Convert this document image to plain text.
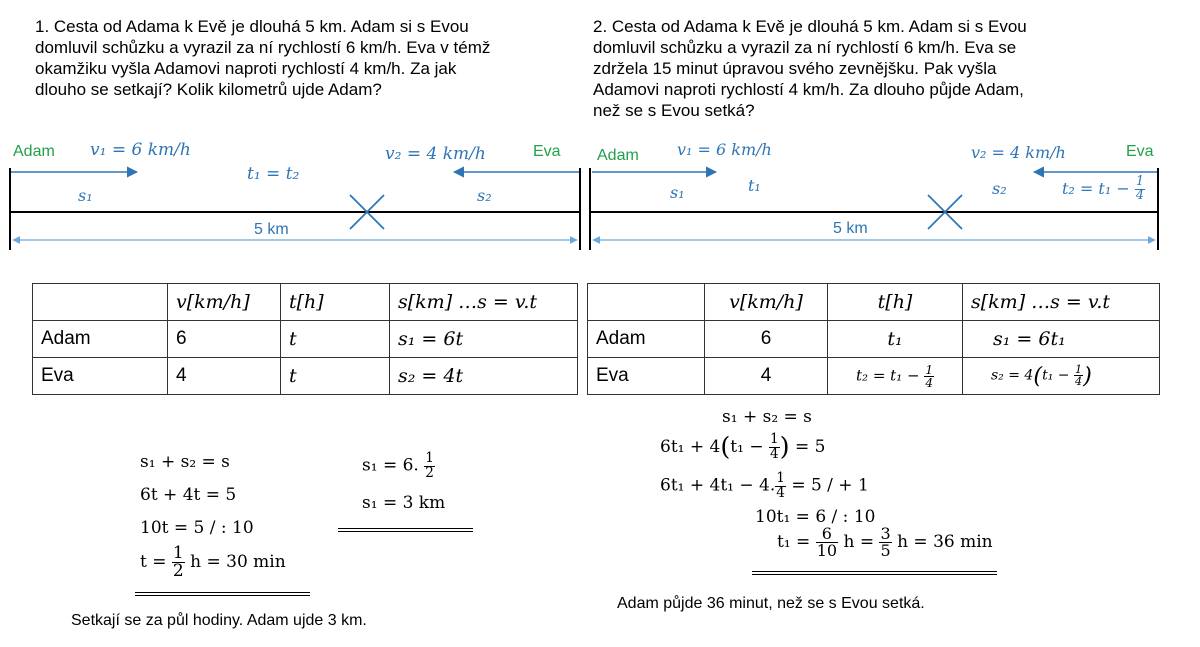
1. Cesta od Adama k Evě je dlouhá 5 km. Adam si s Evou
domluvil schůzku a vyrazil za ní rychlostí 6 km/h. Eva v témž
okamžiku vyšla Adamovi naproti rychlostí 4 km/h. Za jak
dlouho se setkají? Kolik kilometrů ujde Adam?
2. Cesta od Adama k Evě je dlouhá 5 km. Adam si s Evou
domluvil schůzku a vyrazil za ní rychlostí 6 km/h. Eva se
zdržela 15 minut úpravou svého zevnějšku. Pak vyšla
Adamovi naproti rychlostí 4 km/h. Za dlouho půjde Adam,
než se s Evou setká?
Adam v₁ = 6 km/h
t₁ = t₂
v₂ = 4 km/h	Eva
s₁	s₂
5 km
Adam v₁ = 6 km/h
t₁
v₂ = 4 km/h	Eva
s₁	s₂	$t_2 = t_1 - \frac{1}{4}$
5 km
	v[km/h]	t[h]	s[km] …s = v.t
Adam	6	t	s₁ = 6t
Eva	4	t	s₂ = 4t
	v[km/h]	t[h]	s[km] …s = v.t
Adam	6	t₁	s₁ = 6t₁
Eva	4	$t_2 = t_1 - \frac{1}{4}$	$s_2 = 4(t_1 - \frac{1}{4}$ )
s₁ + s₂ = s
6t + 4t = 5
10t = 5 / : 10
$t = \frac{1}{2}$ h = 30 min
s₁ = 6. $\frac{1}{2}$
s₁ = 3 km
Setkají se za půl hodiny. Adam ujde 3 km.
s₁ + s₂ = s
$6t_1 + 4(t_1 - \frac{1}{4}$ ) = 5
6t₁ + 4t₁ − 4. $\frac{1}{4} = 5$ / + 1
10t₁ = 6 / : 10
$t_1 = \frac{6}{10}$ $h = \frac{3}{5}$ h = 36 min
Adam půjde 36 minut, než se s Evou setká.
